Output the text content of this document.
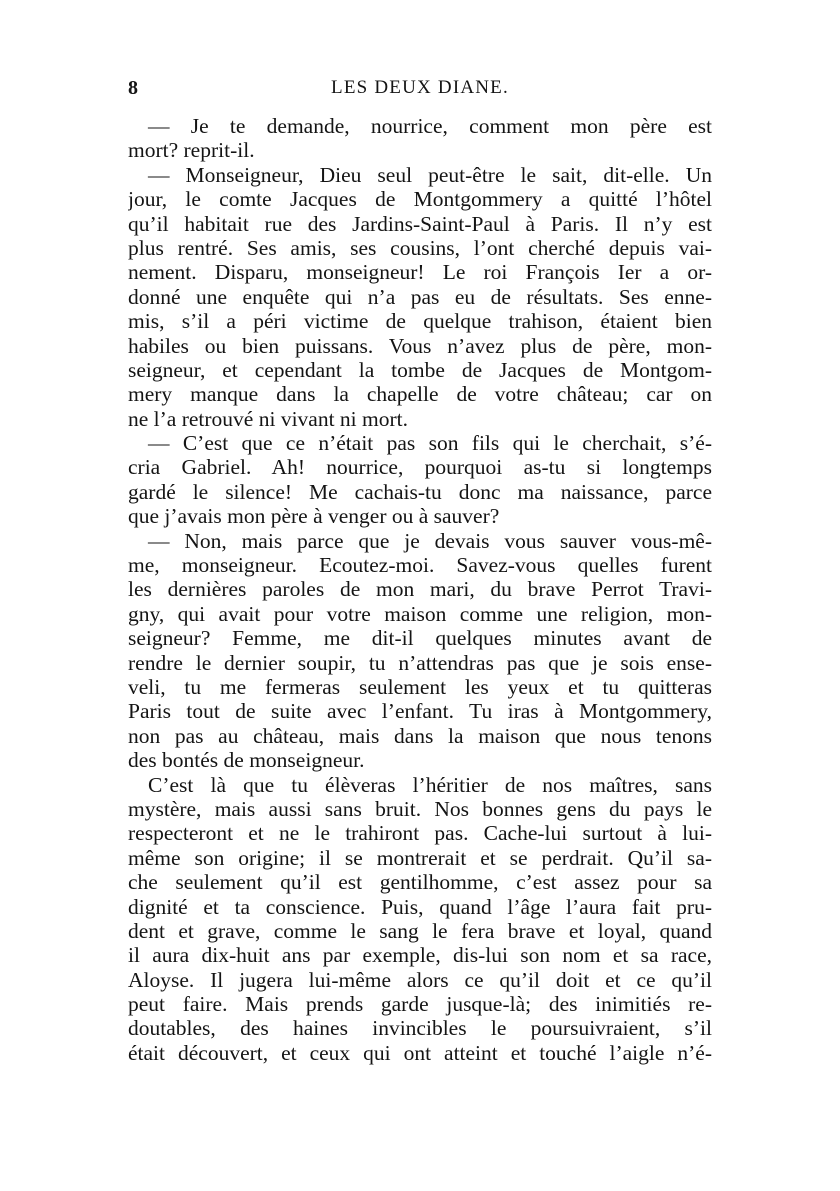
8	LES DEUX DIANE.
— Je te demande, nourrice, comment mon père est
mort? reprit-il.
— Monseigneur, Dieu seul peut-être le sait, dit-elle. Un
jour, le comte Jacques de Montgommery a quitté l’hôtel
qu’il habitait rue des Jardins-Saint-Paul à Paris. Il n’y est
plus rentré. Ses amis, ses cousins, l’ont cherché depuis vai-
nement. Disparu, monseigneur! Le roi François Ier a or-
donné une enquête qui n’a pas eu de résultats. Ses enne-
mis, s’il a péri victime de quelque trahison, étaient bien
habiles ou bien puissans. Vous n’avez plus de père, mon-
seigneur, et cependant la tombe de Jacques de Montgom-
mery manque dans la chapelle de votre château; car on
ne l’a retrouvé ni vivant ni mort.
— C’est que ce n’était pas son fils qui le cherchait, s’é-
cria Gabriel. Ah! nourrice, pourquoi as-tu si longtemps
gardé le silence! Me cachais-tu donc ma naissance, parce
que j’avais mon père à venger ou à sauver?
— Non, mais parce que je devais vous sauver vous-mê-
me, monseigneur. Ecoutez-moi. Savez-vous quelles furent
les dernières paroles de mon mari, du brave Perrot Travi-
gny, qui avait pour votre maison comme une religion, mon-
seigneur? Femme, me dit-il quelques minutes avant de
rendre le dernier soupir, tu n’attendras pas que je sois ense-
veli, tu me fermeras seulement les yeux et tu quitteras
Paris tout de suite avec l’enfant. Tu iras à Montgommery,
non pas au château, mais dans la maison que nous tenons
des bontés de monseigneur.
C’est là que tu élèveras l’héritier de nos maîtres, sans
mystère, mais aussi sans bruit. Nos bonnes gens du pays le
respecteront et ne le trahiront pas. Cache-lui surtout à lui-
même son origine; il se montrerait et se perdrait. Qu’il sa-
che seulement qu’il est gentilhomme, c’est assez pour sa
dignité et ta conscience. Puis, quand l’âge l’aura fait pru-
dent et grave, comme le sang le fera brave et loyal, quand
il aura dix-huit ans par exemple, dis-lui son nom et sa race,
Aloyse. Il jugera lui-même alors ce qu’il doit et ce qu’il
peut faire. Mais prends garde jusque-là; des inimitiés re-
doutables, des haines invincibles le poursuivraient, s’il
était découvert, et ceux qui ont atteint et touché l’aigle n’é-
